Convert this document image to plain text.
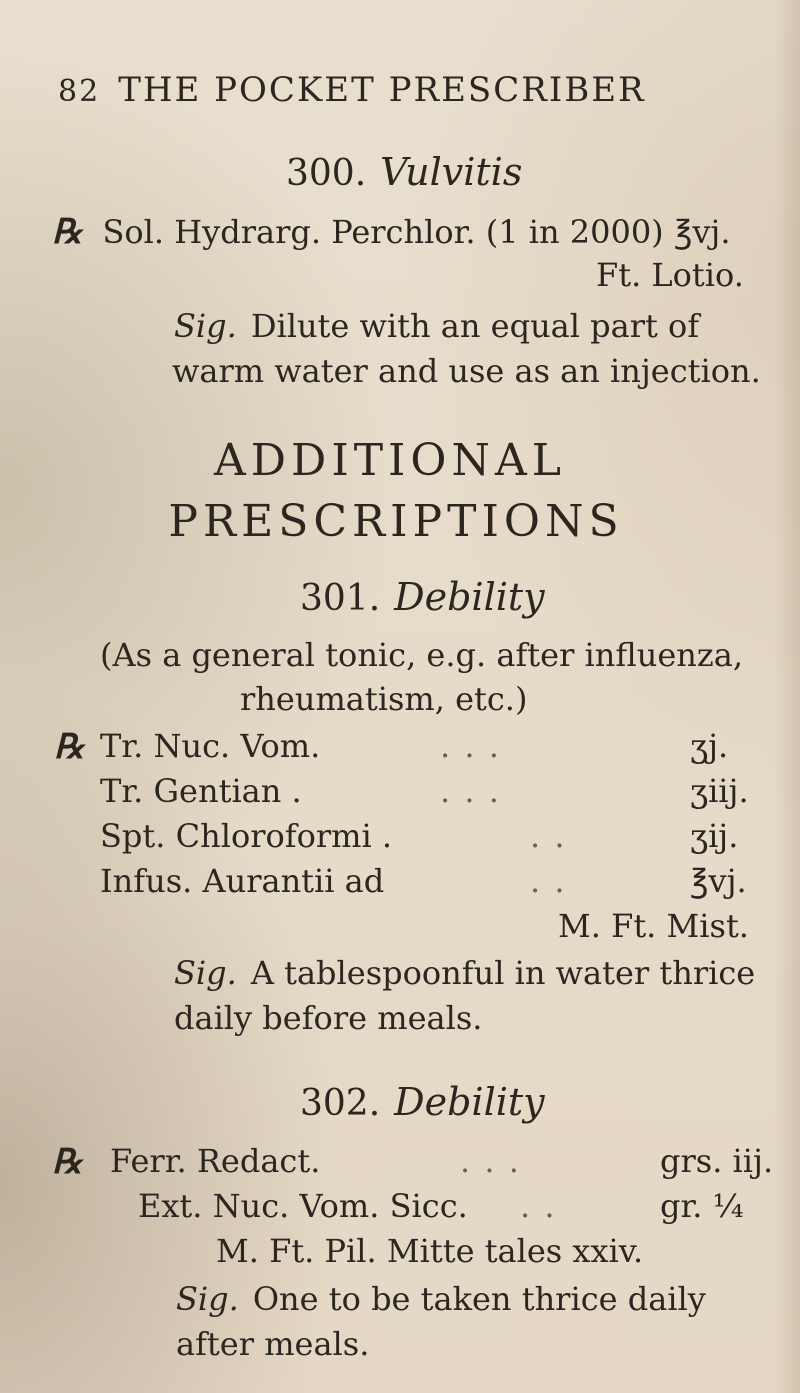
82 THE POCKET PRESCRIBER
300. Vulvitis
℞ Sol. Hydrarg. Perchlor. (1 in 2000) ℥vj.
Ft. Lotio.
Sig. Dilute with an equal part of
warm water and use as an injection.
ADDITIONAL
PRESCRIPTIONS
301. Debility
(As a general tonic, e.g. after influenza,
rheumatism, etc.)
℞ Tr. Nuc. Vom.	. . .	ʒj.
Tr. Gentian .	. . .	ʒiij.
Spt. Chloroformi .	. .	ʒij.
Infus. Aurantii ad	. .	℥vj.
M. Ft. Mist.
Sig. A tablespoonful in water thrice
daily before meals.
302. Debility
℞ Ferr. Redact.	. . .	grs. iij.
Ext. Nuc. Vom. Sicc. . .	gr. ¼
M. Ft. Pil. Mitte tales xxiv.
Sig. One to be taken thrice daily
after meals.
